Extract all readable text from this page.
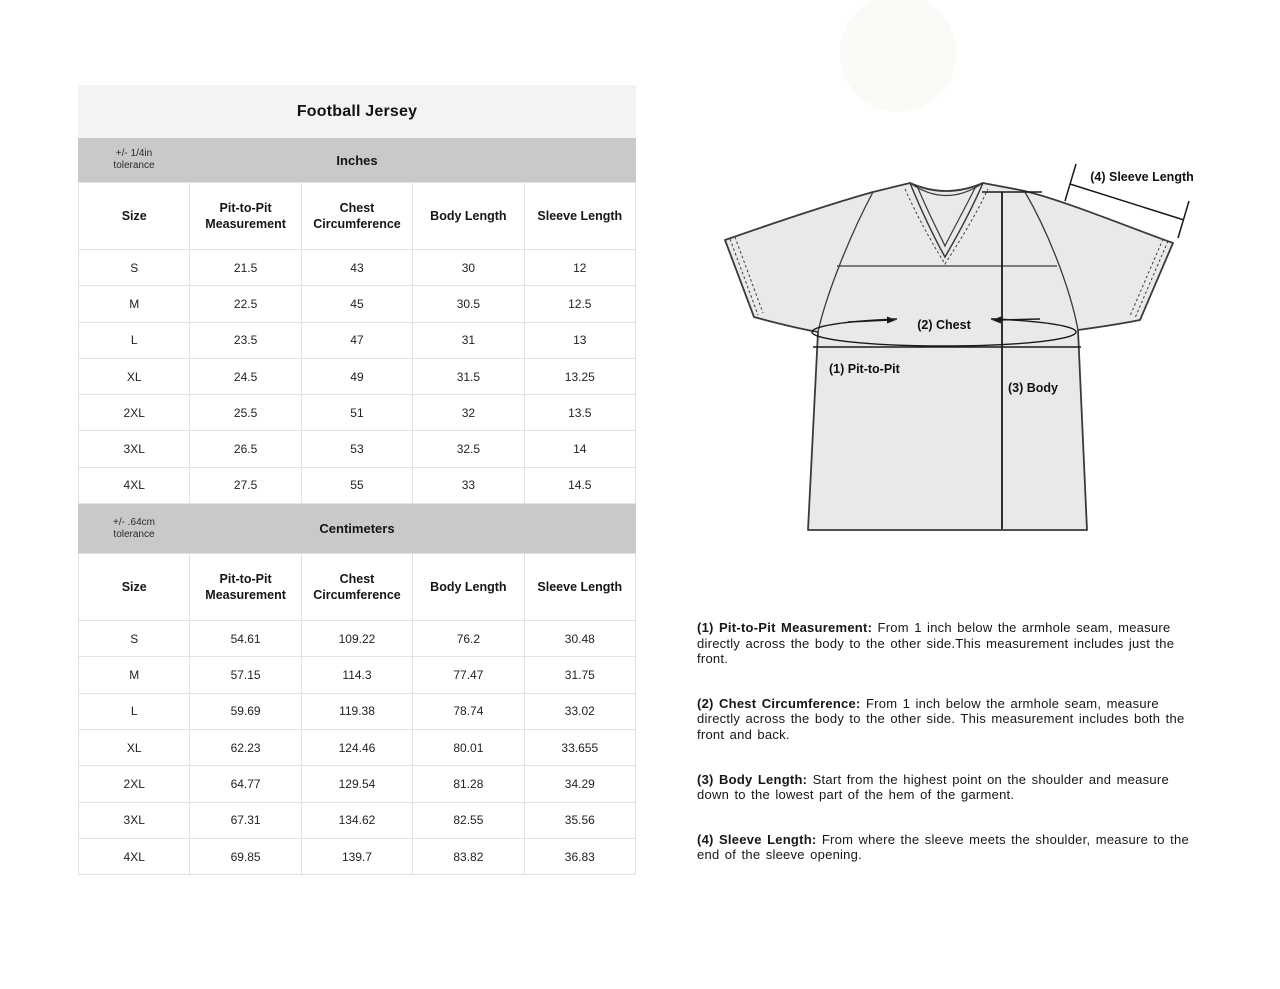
Football Jersey
+/- 1/4in
tolerance	Inches
Size	Pit-to-Pit Measurement	Chest Circumference	Body Length	Sleeve Length
S	21.5	43	30	12
M	22.5	45	30.5	12.5
L	23.5	47	31	13
XL	24.5	49	31.5	13.25
2XL	25.5	51	32	13.5
3XL	26.5	53	32.5	14
4XL	27.5	55	33	14.5
+/- .64cm
tolerance	Centimeters
Size	Pit-to-Pit Measurement	Chest Circumference	Body Length	Sleeve Length
S	54.61	109.22	76.2	30.48
M	57.15	114.3	77.47	31.75
L	59.69	119.38	78.74	33.02
XL	62.23	124.46	80.01	33.655
2XL	64.77	129.54	81.28	34.29
3XL	67.31	134.62	82.55	35.56
4XL	69.85	139.7	83.82	36.83
(2) Chest
(1) Pit-to-Pit
(3) Body
(4) Sleeve Length

(1) Pit-to-Pit Measurement: From 1 inch below the armhole seam, measure directly across the body to the other side.This measurement includes just the front.

(2) Chest Circumference: From 1 inch below the armhole seam, measure directly across the body to the other side. This measurement includes both the front and back.

(3) Body Length: Start from the highest point on the shoulder and measure down to the lowest part of the hem of the garment.

(4) Sleeve Length: From where the sleeve meets the shoulder, measure to the end of the sleeve opening.
